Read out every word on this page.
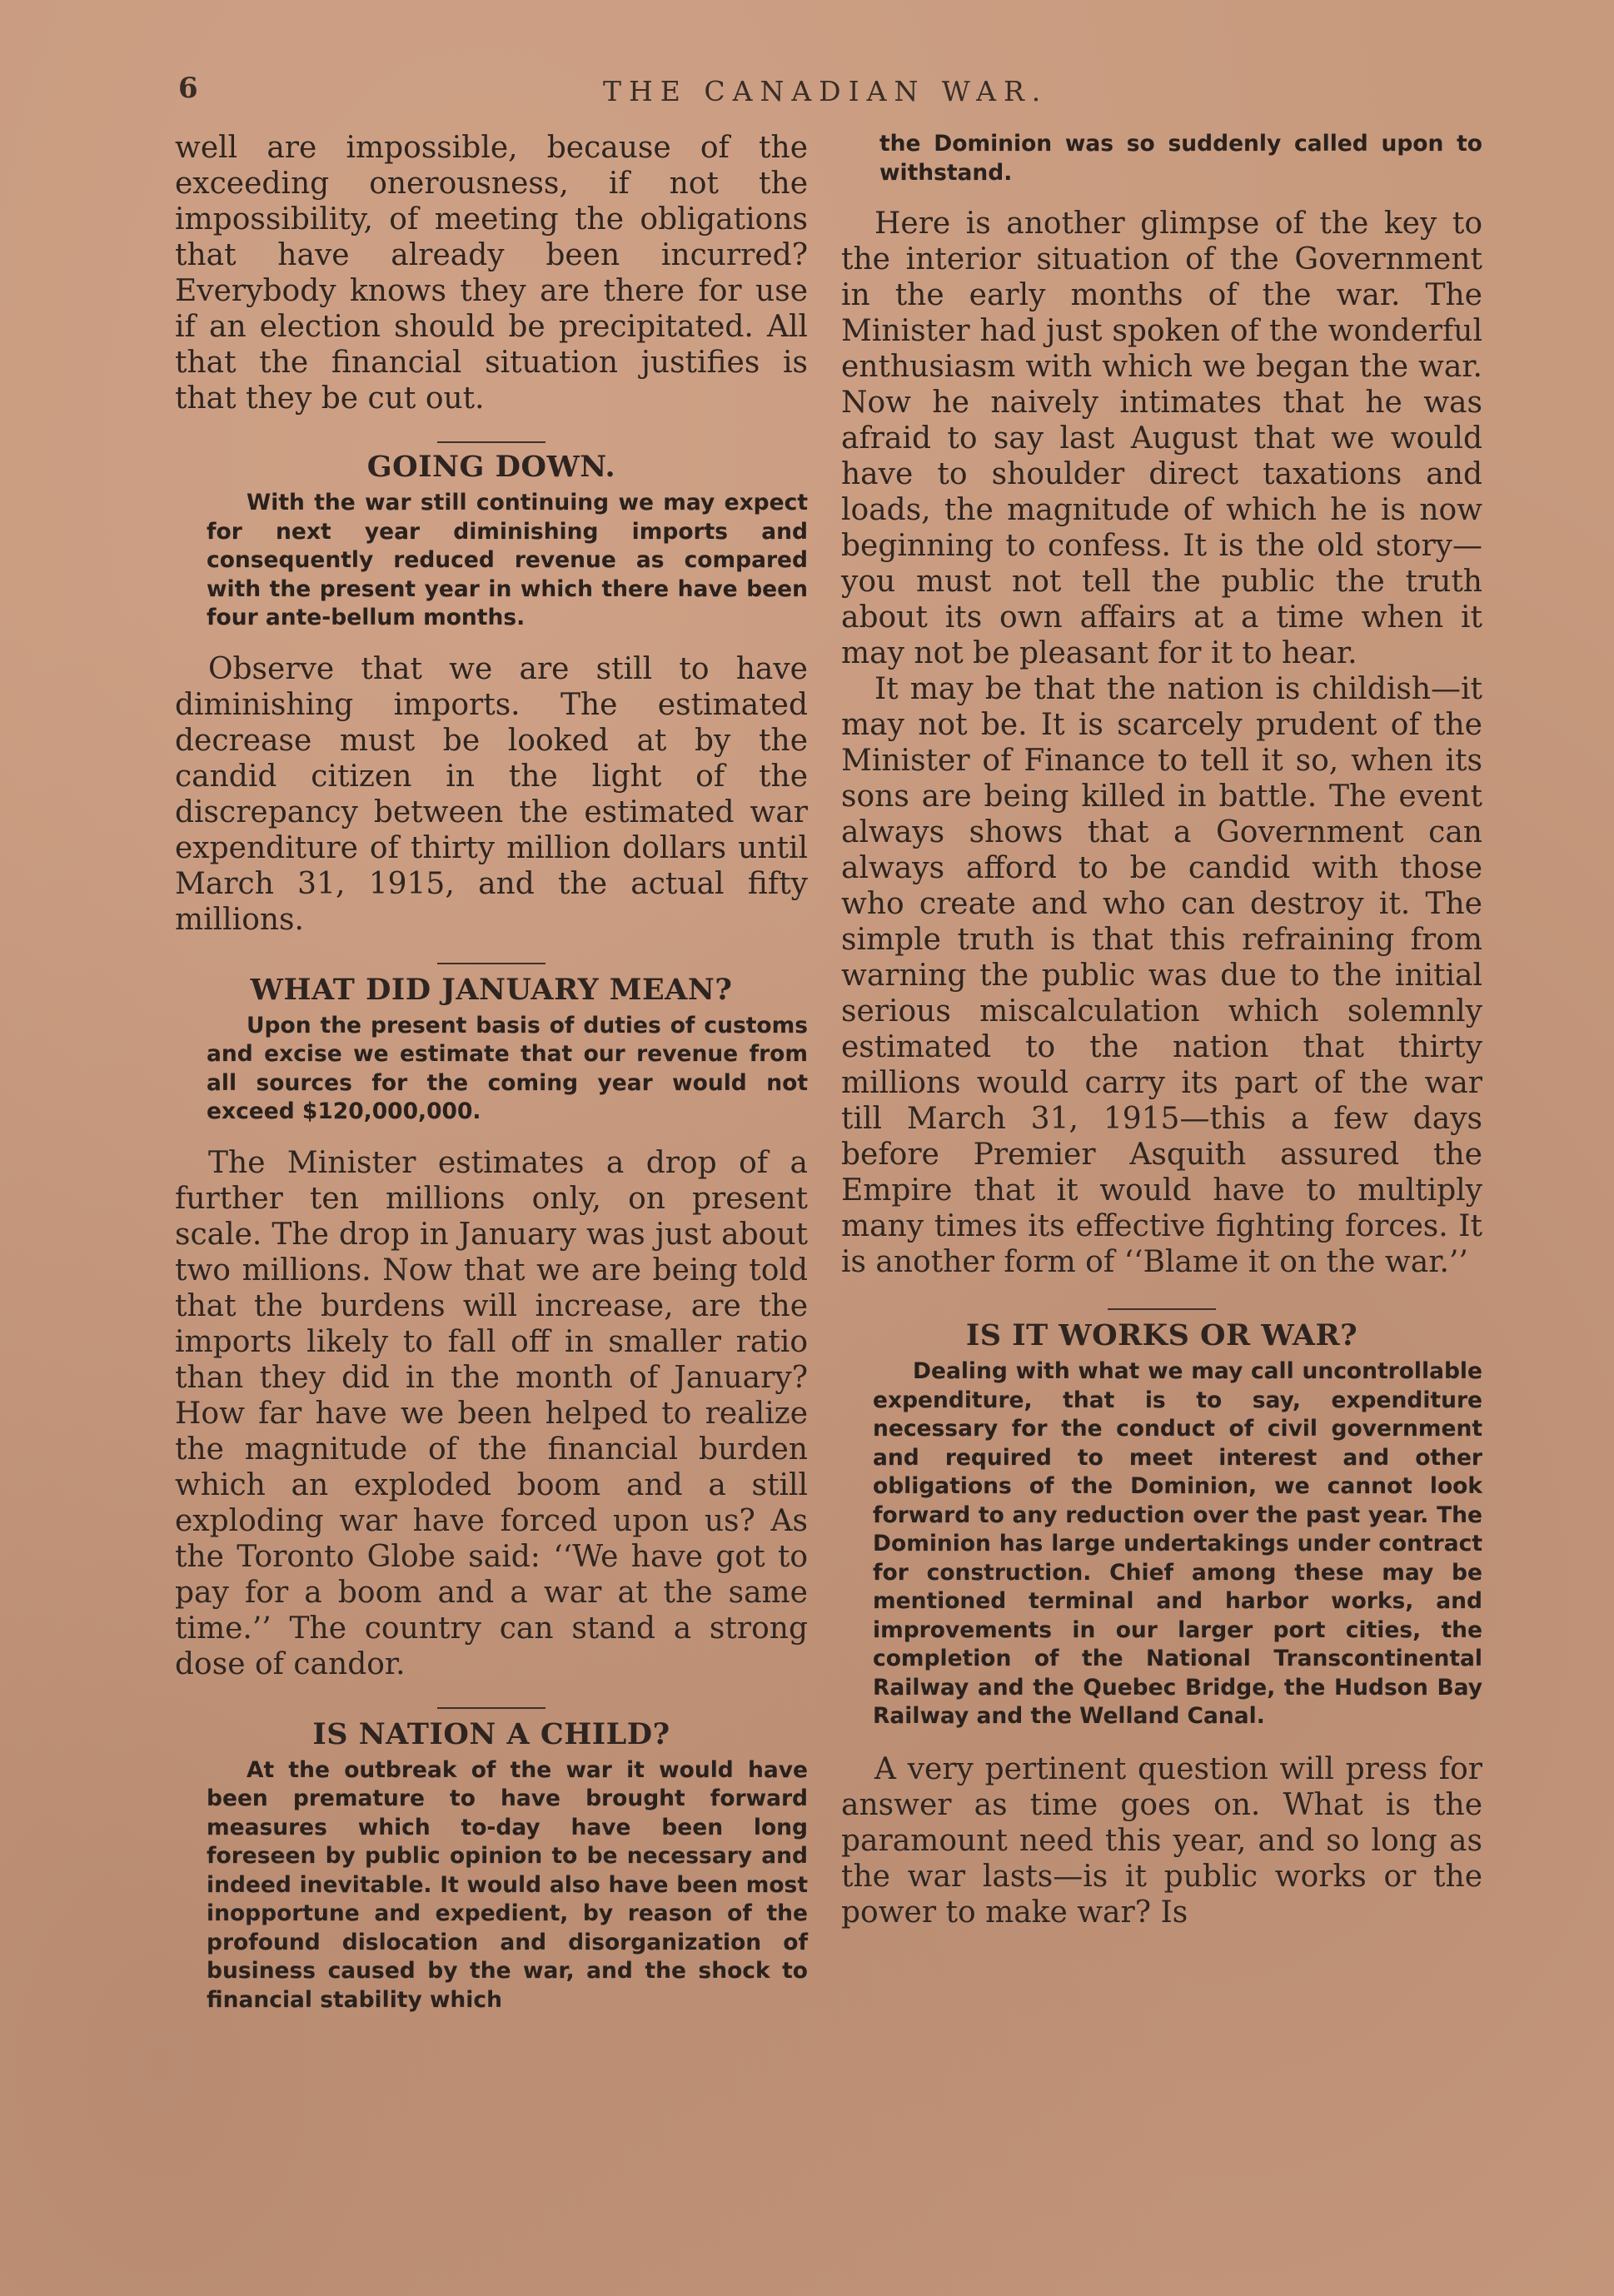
6	THE CANADIAN WAR.

well are impossible, because of the exceeding onerousness, if not the impossibility, of meeting the obligations that have already been incurred? Everybody knows they are there for use if an election should be precipitated. All that the financial situation justifies is that they be cut out.

GOING DOWN.

With the war still continuing we may expect for next year diminishing imports and consequently reduced revenue as compared with the present year in which there have been four ante-bellum months.

Observe that we are still to have diminishing imports. The estimated decrease must be looked at by the candid citizen in the light of the discrepancy between the estimated war expenditure of thirty million dollars until March 31, 1915, and the actual fifty millions.

WHAT DID JANUARY MEAN?

Upon the present basis of duties of customs and excise we estimate that our revenue from all sources for the coming year would not exceed $120,000,000.

The Minister estimates a drop of a further ten millions only, on present scale. The drop in January was just about two millions. Now that we are being told that the burdens will increase, are the imports likely to fall off in smaller ratio than they did in the month of January? How far have we been helped to realize the magnitude of the financial burden which an exploded boom and a still exploding war have forced upon us? As the Toronto Globe said: ‘‘We have got to pay for a boom and a war at the same time.’’ The country can stand a strong dose of candor.

IS NATION A CHILD?

At the outbreak of the war it would have been premature to have brought forward measures which to-day have been long foreseen by public opinion to be necessary and indeed inevitable. It would also have been most inopportune and expedient, by reason of the profound dislocation and disorganization of business caused by the war, and the shock to financial stability which

the Dominion was so suddenly called upon to withstand.

Here is another glimpse of the key to the interior situation of the Government in the early months of the war. The Minister had just spoken of the wonderful enthusiasm with which we began the war. Now he naively intimates that he was afraid to say last August that we would have to shoulder direct taxations and loads, the magnitude of which he is now beginning to confess. It is the old story—you must not tell the public the truth about its own affairs at a time when it may not be pleasant for it to hear.

It may be that the nation is childish—it may not be. It is scarcely prudent of the Minister of Finance to tell it so, when its sons are being killed in battle. The event always shows that a Government can always afford to be candid with those who create and who can destroy it. The simple truth is that this refraining from warning the public was due to the initial serious miscalculation which solemnly estimated to the nation that thirty millions would carry its part of the war till March 31, 1915—this a few days before Premier Asquith assured the Empire that it would have to multiply many times its effective fighting forces. It is another form of ‘‘Blame it on the war.’’

IS IT WORKS OR WAR?

Dealing with what we may call uncontrollable expenditure, that is to say, expenditure necessary for the conduct of civil government and required to meet interest and other obligations of the Dominion, we cannot look forward to any reduction over the past year. The Dominion has large undertakings under contract for construction. Chief among these may be mentioned terminal and harbor works, and improvements in our larger port cities, the completion of the National Transcontinental Railway and the Quebec Bridge, the Hudson Bay Railway and the Welland Canal.

A very pertinent question will press for answer as time goes on. What is the paramount need this year, and so long as the war lasts—is it public works or the power to make war? Is
